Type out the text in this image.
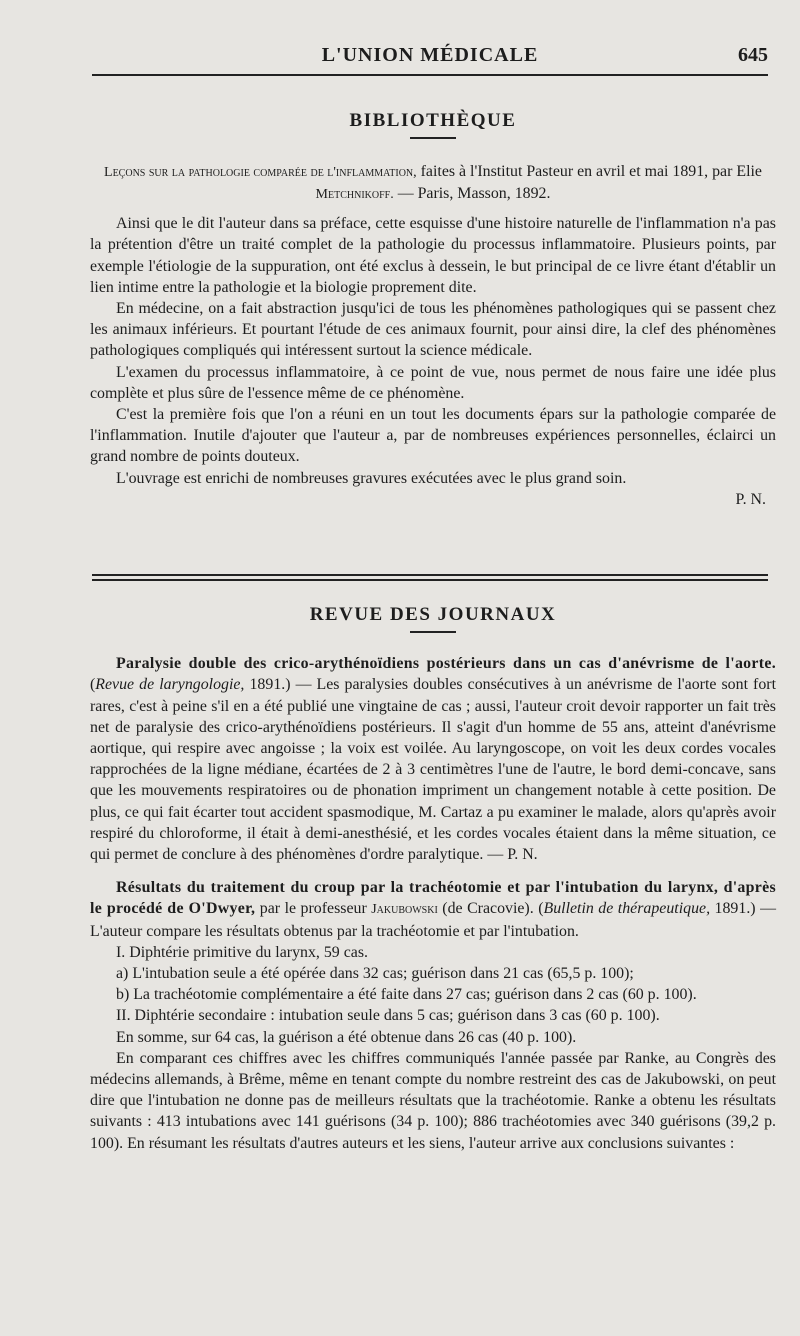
L'UNION MÉDICALE	645
BIBLIOTHÈQUE
Leçons sur la pathologie comparée de l'inflammation, faites à l'Institut Pasteur en avril et mai 1891, par Elie Metchnikoff. — Paris, Masson, 1892.

Ainsi que le dit l'auteur dans sa préface, cette esquisse d'une histoire naturelle de l'inflammation n'a pas la prétention d'être un traité complet de la pathologie du processus inflammatoire. Plusieurs points, par exemple l'étiologie de la suppuration, ont été exclus à dessein, le but principal de ce livre étant d'établir un lien intime entre la pathologie et la biologie proprement dite.

En médecine, on a fait abstraction jusqu'ici de tous les phénomènes pathologiques qui se passent chez les animaux inférieurs. Et pourtant l'étude de ces animaux fournit, pour ainsi dire, la clef des phénomènes pathologiques compliqués qui intéressent surtout la science médicale.

L'examen du processus inflammatoire, à ce point de vue, nous permet de nous faire une idée plus complète et plus sûre de l'essence même de ce phénomène.

C'est la première fois que l'on a réuni en un tout les documents épars sur la pathologie comparée de l'inflammation. Inutile d'ajouter que l'auteur a, par de nombreuses expériences personnelles, éclairci un grand nombre de points douteux.

L'ouvrage est enrichi de nombreuses gravures exécutées avec le plus grand soin.

P. N.

REVUE DES JOURNAUX

Paralysie double des crico-arythénoïdiens postérieurs dans un cas d'anévrisme de l'aorte. (Revue de laryngologie, 1891.) — Les paralysies doubles consécutives à un anévrisme de l'aorte sont fort rares, c'est à peine s'il en a été publié une vingtaine de cas ; aussi, l'auteur croit devoir rapporter un fait très net de paralysie des crico-arythénoïdiens postérieurs. Il s'agit d'un homme de 55 ans, atteint d'anévrisme aortique, qui respire avec angoisse ; la voix est voilée. Au laryngoscope, on voit les deux cordes vocales rapprochées de la ligne médiane, écartées de 2 à 3 centimètres l'une de l'autre, le bord demi-concave, sans que les mouvements respiratoires ou de phonation impriment un changement notable à cette position. De plus, ce qui fait écarter tout accident spasmodique, M. Cartaz a pu examiner le malade, alors qu'après avoir respiré du chloroforme, il était à demi-anesthésié, et les cordes vocales étaient dans la même situation, ce qui permet de conclure à des phénomènes d'ordre paralytique. — P. N.

Résultats du traitement du croup par la trachéotomie et par l'intubation du larynx, d'après le procédé de O'Dwyer, par le professeur Jakubowski (de Cracovie). (Bulletin de thérapeutique, 1891.) — L'auteur compare les résultats obtenus par la trachéotomie et par l'intubation.

I. Diphtérie primitive du larynx, 59 cas.

a) L'intubation seule a été opérée dans 32 cas; guérison dans 21 cas (65,5 p. 100);

b) La trachéotomie complémentaire a été faite dans 27 cas; guérison dans 2 cas (60 p. 100).

II. Diphtérie secondaire : intubation seule dans 5 cas; guérison dans 3 cas (60 p. 100).

En somme, sur 64 cas, la guérison a été obtenue dans 26 cas (40 p. 100).

En comparant ces chiffres avec les chiffres communiqués l'année passée par Ranke, au Congrès des médecins allemands, à Brême, même en tenant compte du nombre restreint des cas de Jakubowski, on peut dire que l'intubation ne donne pas de meilleurs résultats que la trachéotomie. Ranke a obtenu les résultats suivants : 413 intubations avec 141 guérisons (34 p. 100); 886 trachéotomies avec 340 guérisons (39,2 p. 100). En résumant les résultats d'autres auteurs et les siens, l'auteur arrive aux conclusions suivantes :
